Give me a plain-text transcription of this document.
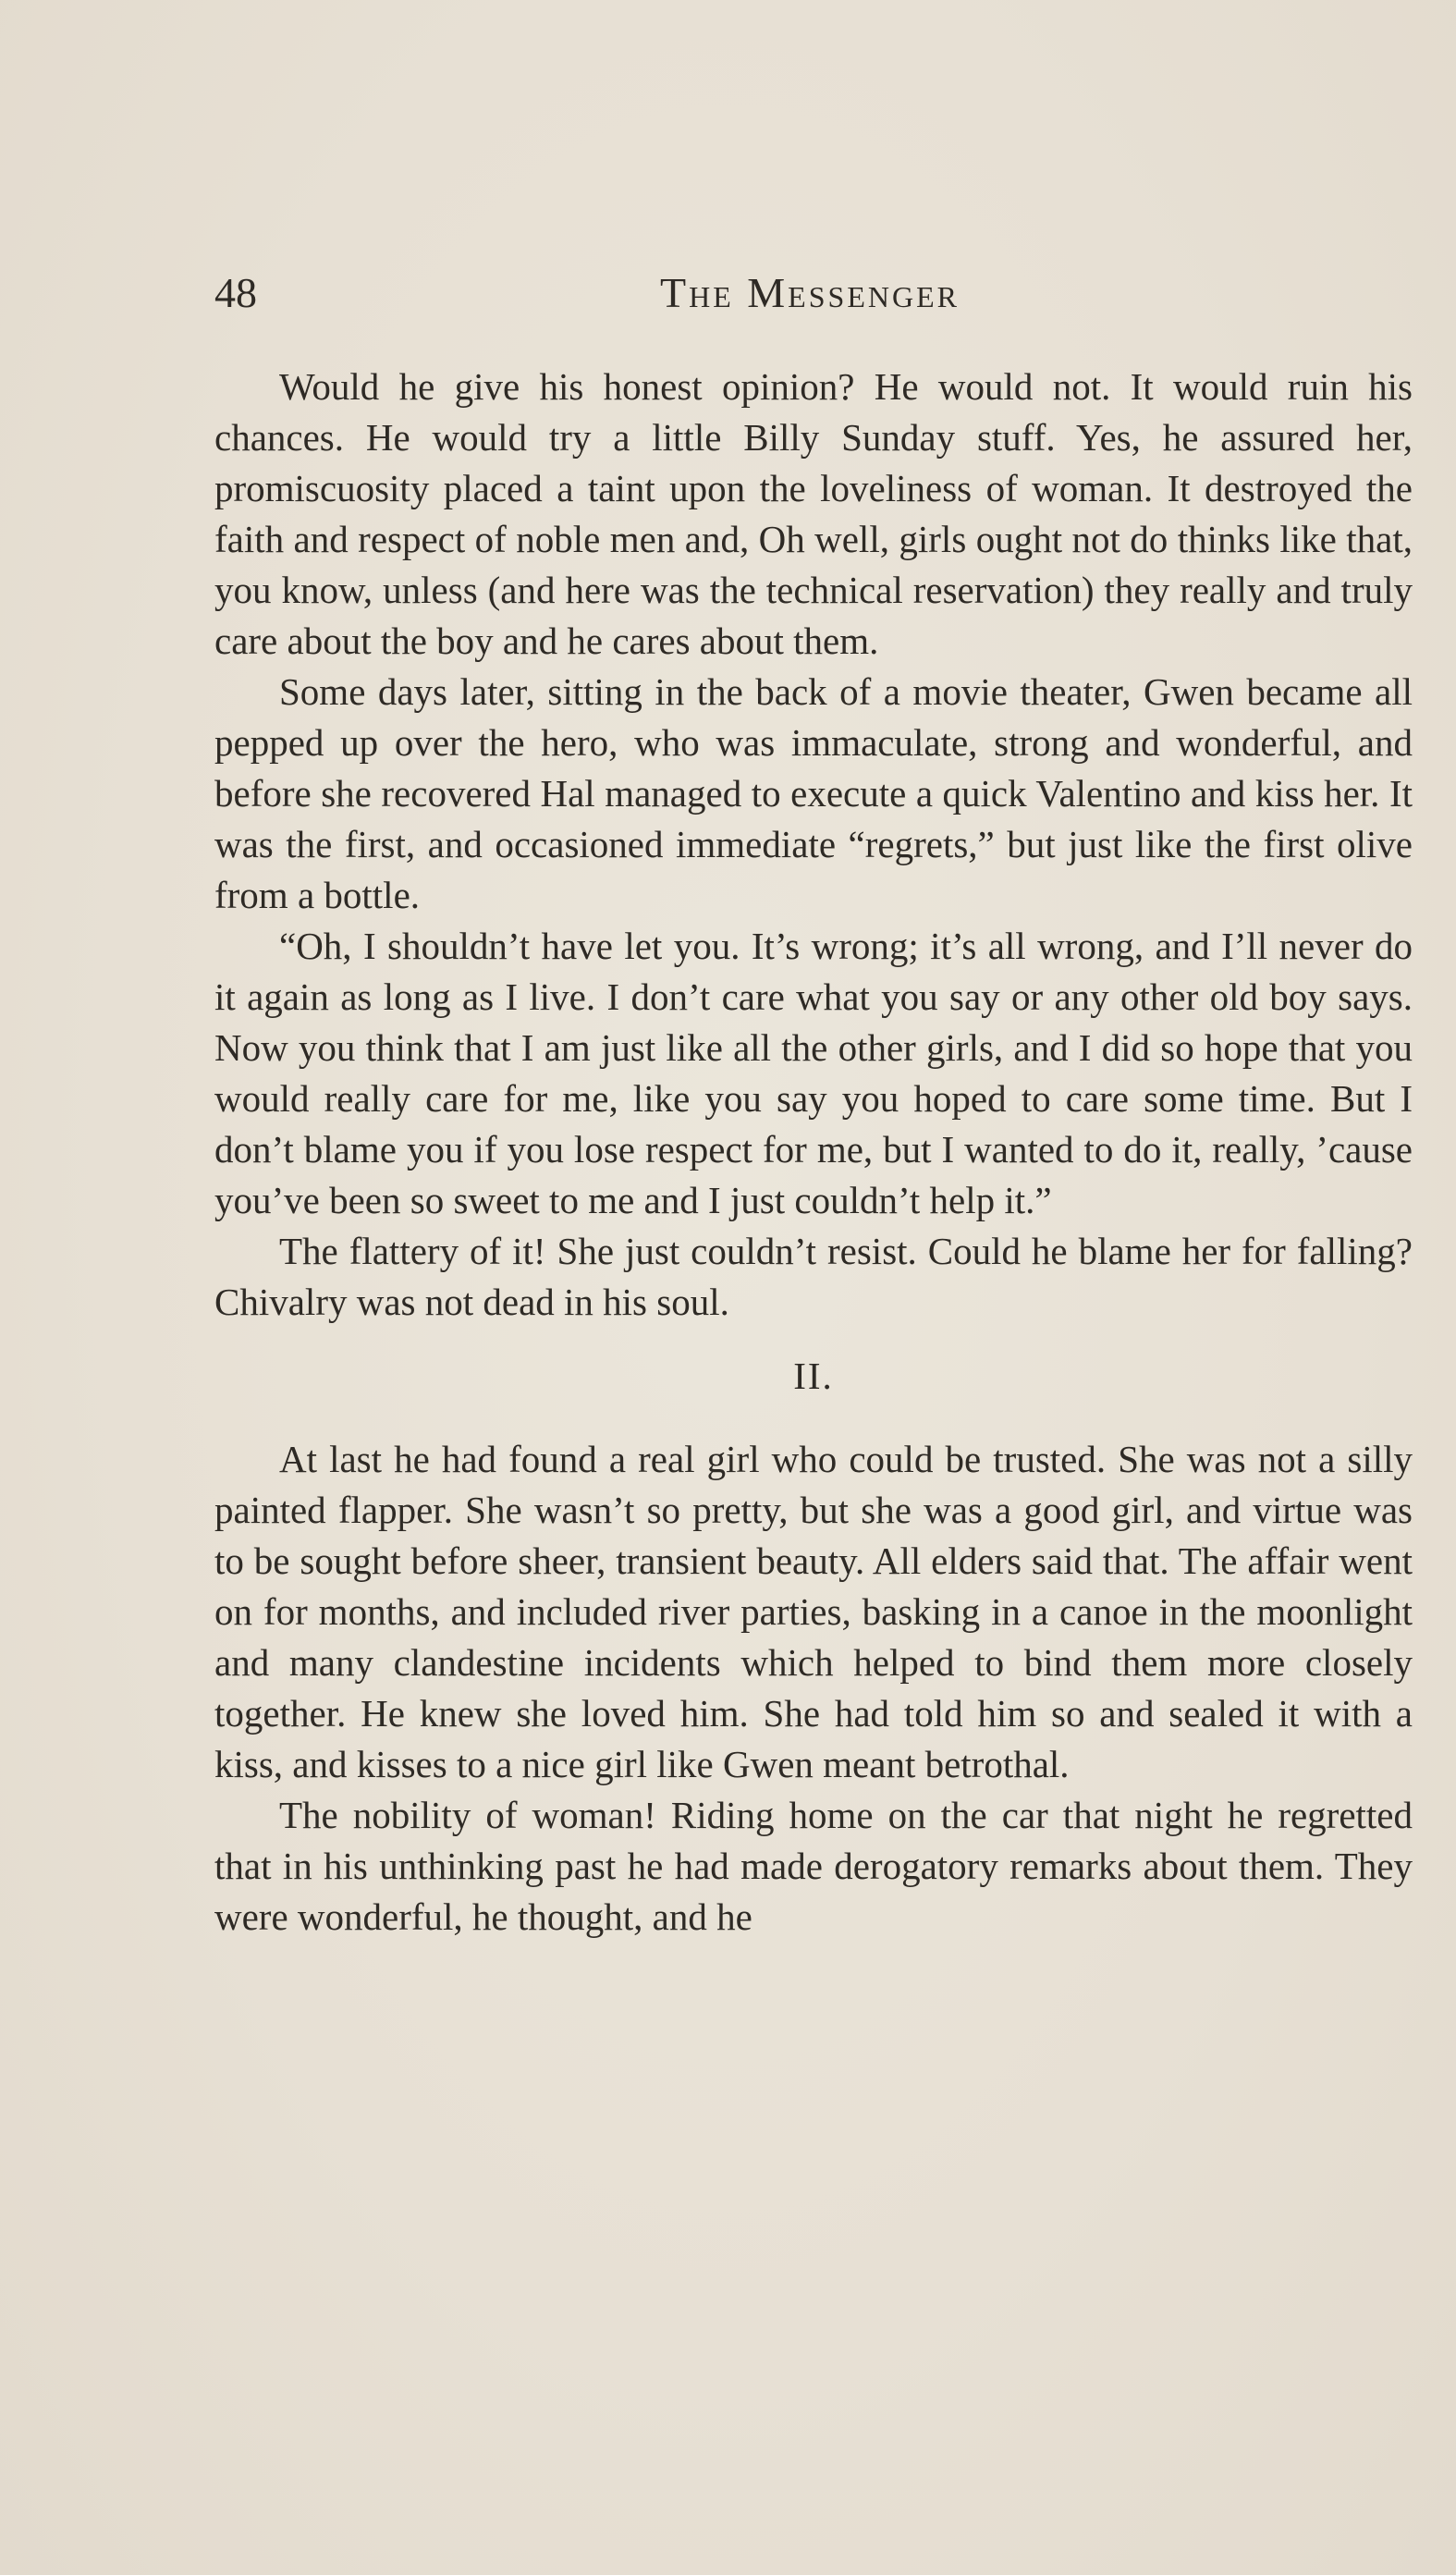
48	The Messenger

Would he give his honest opinion? He would not. It would ruin his chances. He would try a little Billy Sunday stuff. Yes, he assured her, promiscuosity placed a taint upon the loveliness of woman. It destroyed the faith and respect of noble men and, Oh well, girls ought not do thinks like that, you know, unless (and here was the technical reservation) they really and truly care about the boy and he cares about them.

Some days later, sitting in the back of a movie theater, Gwen became all pepped up over the hero, who was immaculate, strong and wonderful, and before she recovered Hal managed to execute a quick Valentino and kiss her. It was the first, and occasioned immediate “regrets,” but just like the first olive from a bottle.

“Oh, I shouldn’t have let you. It’s wrong; it’s all wrong, and I’ll never do it again as long as I live. I don’t care what you say or any other old boy says. Now you think that I am just like all the other girls, and I did so hope that you would really care for me, like you say you hoped to care some time. But I don’t blame you if you lose respect for me, but I wanted to do it, really, ’cause you’ve been so sweet to me and I just couldn’t help it.”

The flattery of it! She just couldn’t resist. Could he blame her for falling? Chivalry was not dead in his soul.

II.

At last he had found a real girl who could be trusted. She was not a silly painted flapper. She wasn’t so pretty, but she was a good girl, and virtue was to be sought before sheer, transient beauty. All elders said that. The affair went on for months, and included river parties, basking in a canoe in the moonlight and many clandestine incidents which helped to bind them more closely together. He knew she loved him. She had told him so and sealed it with a kiss, and kisses to a nice girl like Gwen meant betrothal.

The nobility of woman! Riding home on the car that night he regretted that in his unthinking past he had made derogatory remarks about them. They were wonderful, he thought, and he
